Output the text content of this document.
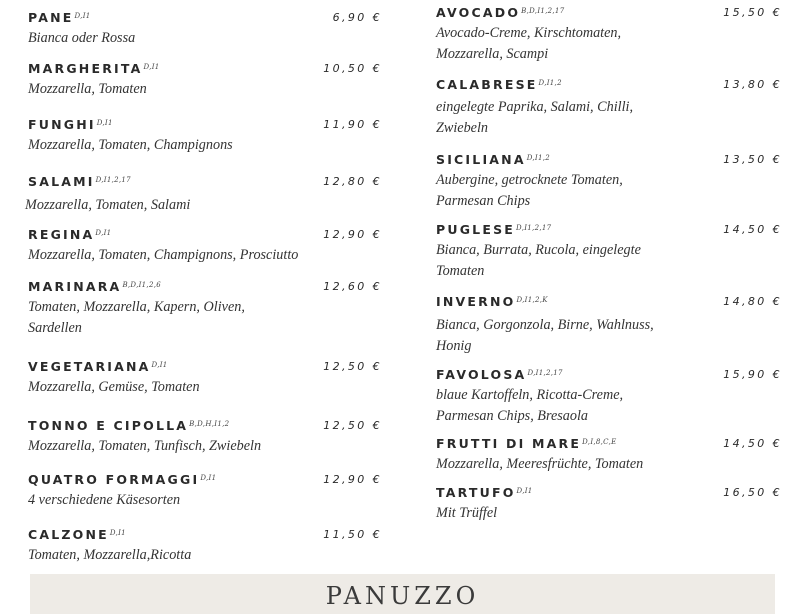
$PANE^{D,I1}$	6,90 €
Bianca oder Rossa
$MARGHERITA^{D,I1}$	10,50 €
Mozzarella, Tomaten
$FUNGHI^{D,I1}$	11,90 €
Mozzarella, Tomaten, Champignons
$SALAMI^{D,I1,2,17}$	12,80 €
Mozzarella, Tomaten, Salami
$REGINA^{D,I1}$	12,90 €
Mozzarella, Tomaten, Champignons, Prosciutto
$MARINARA^{B,D,I1,2,6}$	12,60 €
Tomaten, Mozzarella, Kapern, Oliven, Sardellen
$VEGETARIANA^{D,I1}$	12,50 €
Mozzarella, Gemüse, Tomaten
TONNO E $CIPOLLA^{B,D,H,I1,2}$	12,50 €
Mozzarella, Tomaten, Tunfisch, Zwiebeln
QUATRO $FORMAGGI^{D,I1}$	12,90 €
4 verschiedene Käsesorten
$CALZONE^{D,I1}$	11,50 €
Tomaten, Mozzarella,Ricotta
$AVOCADO^{B,D,I1,2,17}$	15,50 €
Avocado-Creme, Kirschtomaten, Mozzarella, Scampi
$CALABRESE^{D,I1,2}$	13,80 €
eingelegte Paprika, Salami, Chilli, Zwiebeln
$SICILIANA^{D,I1,2}$	13,50 €
Aubergine, getrocknete Tomaten, Parmesan Chips
$PUGLESE^{D,I1,2,17}$	14,50 €
Bianca, Burrata, Rucola, eingelegte Tomaten
$INVERNO^{D,I1,2,K}$	14,80 €
Bianca, Gorgonzola, Birne, Wahlnuss, Honig
$FAVOLOSA^{D,I1,2,17}$	15,90 €
blaue Kartoffeln, Ricotta-Creme, Parmesan Chips, Bresaola
FRUTTI DI $MARE^{D,I,8,C,E}$	14,50 €
Mozzarella, Meeresfrüchte, Tomaten
$TARTUFO^{D,I1}$	16,50 €
Mit Trüffel
PANUZZO
